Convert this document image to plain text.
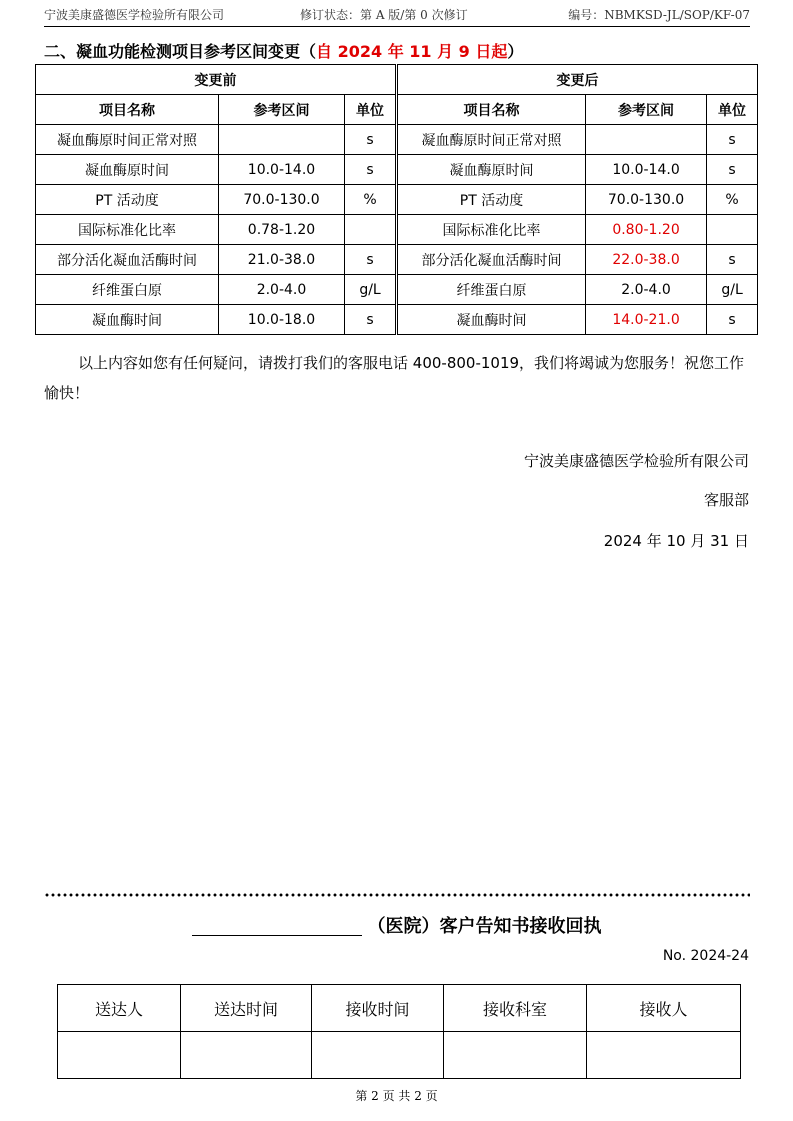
宁波美康盛德医学检验所有限公司	修订状态：第 A 版/第 0 次修订	编号：NBMKSD-JL/SOP/KF-07
二、凝血功能检测项目参考区间变更（自 2024 年 11 月 9 日起）
变更前			变更后		
项目名称	参考区间	单位	项目名称	参考区间	单位
凝血酶原时间正常对照		s	凝血酶原时间正常对照		s
凝血酶原时间	10.0-14.0	s	凝血酶原时间	10.0-14.0	s
PT 活动度	70.0-130.0	%	PT 活动度	70.0-130.0	%
国际标准化比率	0.78-1.20		国际标准化比率	0.80-1.20	
部分活化凝血活酶时间	21.0-38.0	s	部分活化凝血活酶时间	22.0-38.0	s
纤维蛋白原	2.0-4.0	g/L	纤维蛋白原	2.0-4.0	g/L
凝血酶时间	10.0-18.0	s	凝血酶时间	14.0-21.0	s

以上内容如您有任何疑问，请拨打我们的客服电话 400-800-1019，我们将竭诚为您服务！祝您工作愉快！

宁波美康盛德医学检验所有限公司
客服部
2024 年 10 月 31 日
（医院）客户告知书接收回执
No. 2024-24
送达人	送达时间	接收时间	接收科室	接收人

第 2 页 共 2 页
